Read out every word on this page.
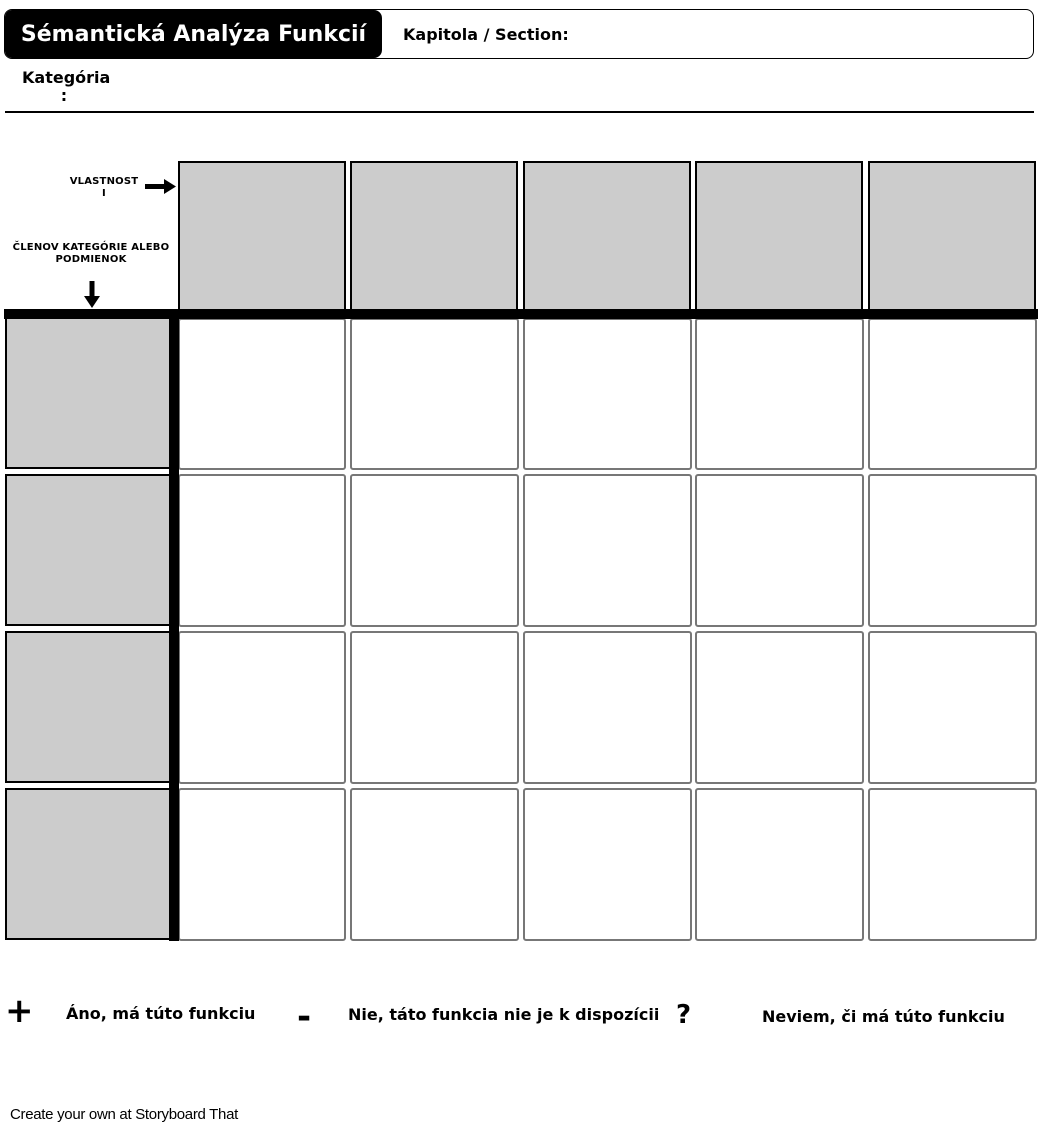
Sémantická Analýza Funkcií	Kapitola / Section:
Kategória
:
VLASTNOST
I
ČLENOV KATEGÓRIE ALEBO
PODMIENOK
+ Áno, má túto funkciu - Nie, táto funkcia nie je k dispozícii ?	Neviem, či má túto funkciu
Create your own at Storyboard That
